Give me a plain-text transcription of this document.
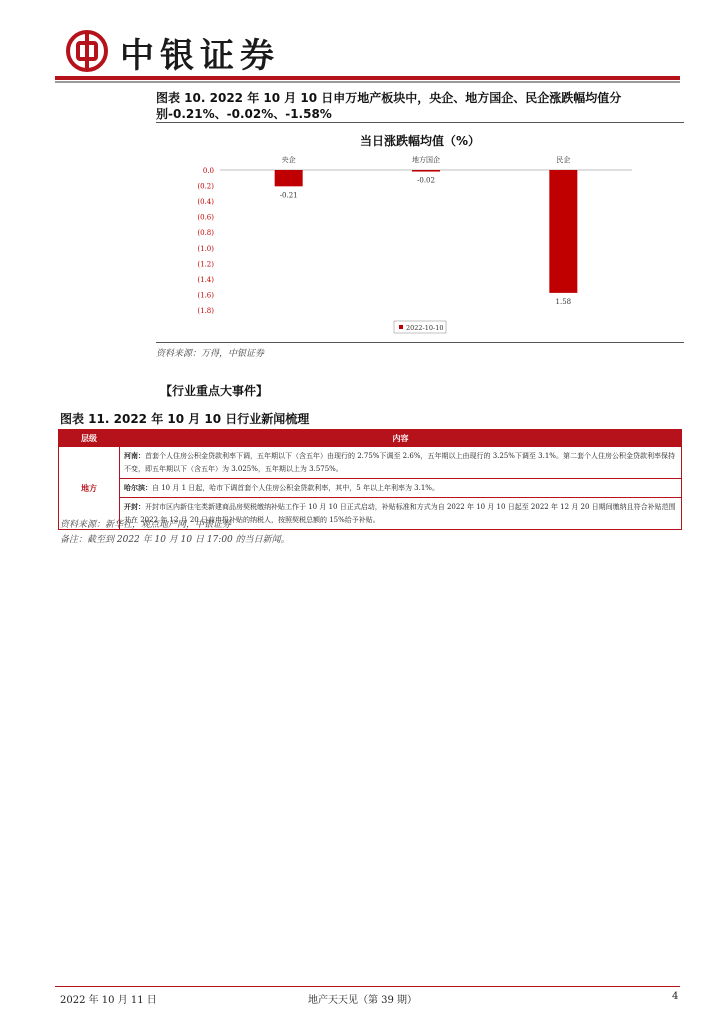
中银证券
图表 10. 2022 年 10 月 10 日申万地产板块中，央企、地方国企、民企涨跌幅均值分别-0.21%、-0.02%、-1.58%
当日涨跌幅均值（%）
0.0
(0.2)
(0.4)
(0.6)
(0.8)
(1.0)
(1.2)
(1.4)
(1.6)
(1.8)
央企
-0.21
地方国企
-0.02
民企
1.58
2022-10-10
资料来源：万得，中银证券
【行业重点大事件】
图表 11. 2022 年 10 月 10 日行业新闻梳理
层级	内容
地方	河南：首套个人住房公积金贷款利率下调，五年期以下（含五年）由现行的 2.75%下调至 2.6%，五年期以上由现行的 3.25%下调至 3.1%。第二套个人住房公积金贷款利率保持不变，即五年期以下（含五年）为 3.025%，五年期以上为 3.575%。
	哈尔滨：自 10 月 1 日起，哈市下调首套个人住房公积金贷款利率，其中，5 年以上年利率为 3.1%。
	开封：开封市区内新住宅类新建商品房契税缴纳补贴工作于 10 月 10 日正式启动，补贴标准和方式为自 2022 年 10 月 10 日起至 2022 年 12 月 20 日期间缴纳且符合补贴范围并在 2022 年 12 月 20 日前申报补贴的纳税人，按照契税总额的 15%给予补贴。
资料来源：新华社，观点地产网，中银证券
备注：截至到 2022 年 10 月 10 日 17:00 的当日新闻。
2022 年 10 月 11 日	地产天天见（第 39 期）	4
